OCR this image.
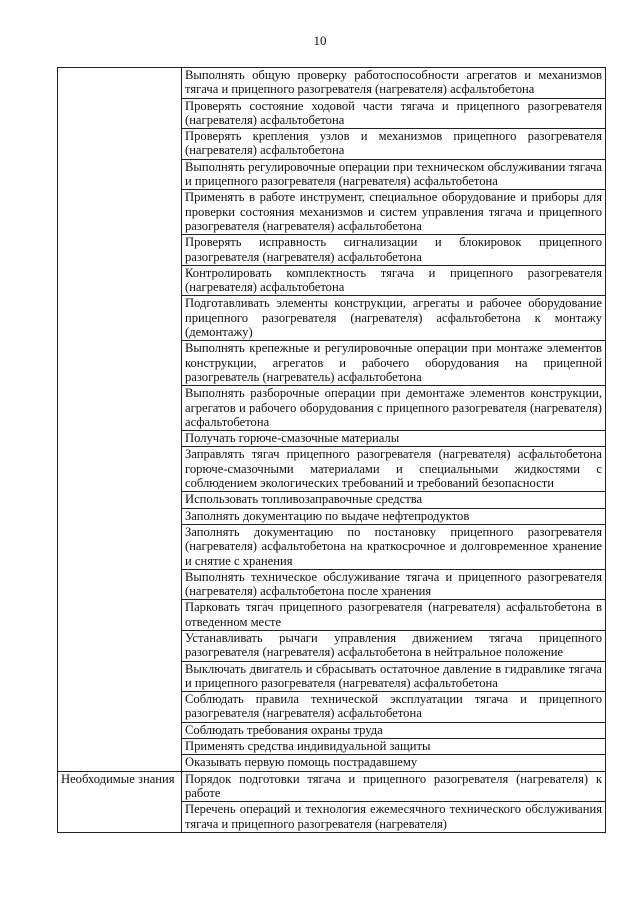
10
	Выполнять общую проверку работоспособности агрегатов и механизмов тягача и прицепного разогревателя (нагревателя) асфальтобетона
	Проверять состояние ходовой части тягача и прицепного разогревателя (нагревателя) асфальтобетона
	Проверять крепления узлов и механизмов прицепного разогревателя (нагревателя) асфальтобетона
	Выполнять регулировочные операции при техническом обслуживании тягача и прицепного разогревателя (нагревателя) асфальтобетона
	Применять в работе инструмент, специальное оборудование и приборы для проверки состояния механизмов и систем управления тягача и прицепного разогревателя (нагревателя) асфальтобетона
	Проверять исправность сигнализации и блокировок прицепного разогревателя (нагревателя) асфальтобетона
	Контролировать комплектность тягача и прицепного разогревателя (нагревателя) асфальтобетона
	Подготавливать элементы конструкции, агрегаты и рабочее оборудование прицепного разогревателя (нагревателя) асфальтобетона к монтажу (демонтажу)
	Выполнять крепежные и регулировочные операции при монтаже элементов конструкции, агрегатов и рабочего оборудования на прицепной разогреватель (нагреватель) асфальтобетона
	Выполнять разборочные операции при демонтаже элементов конструкции, агрегатов и рабочего оборудования с прицепного разогревателя (нагревателя) асфальтобетона
	Получать горюче-смазочные материалы
	Заправлять тягач прицепного разогревателя (нагревателя) асфальтобетона горюче-смазочными материалами и специальными жидкостями с соблюдением экологических требований и требований безопасности
	Использовать топливозаправочные средства
	Заполнять документацию по выдаче нефтепродуктов
	Заполнять документацию по постановку прицепного разогревателя (нагревателя) асфальтобетона на краткосрочное и долговременное хранение и снятие с хранения
	Выполнять техническое обслуживание тягача и прицепного разогревателя (нагревателя) асфальтобетона после хранения
	Парковать тягач прицепного разогревателя (нагревателя) асфальтобетона в отведенном месте
	Устанавливать рычаги управления движением тягача прицепного разогревателя (нагревателя) асфальтобетона в нейтральное положение
	Выключать двигатель и сбрасывать остаточное давление в гидравлике тягача и прицепного разогревателя (нагревателя) асфальтобетона
	Соблюдать правила технической эксплуатации тягача и прицепного разогревателя (нагревателя) асфальтобетона
	Соблюдать требования охраны труда
	Применять средства индивидуальной защиты
	Оказывать первую помощь пострадавшему
Необходимые знания	Порядок подготовки тягача и прицепного разогревателя (нагревателя) к работе
	Перечень операций и технология ежемесячного технического обслуживания тягача и прицепного разогревателя (нагревателя)
